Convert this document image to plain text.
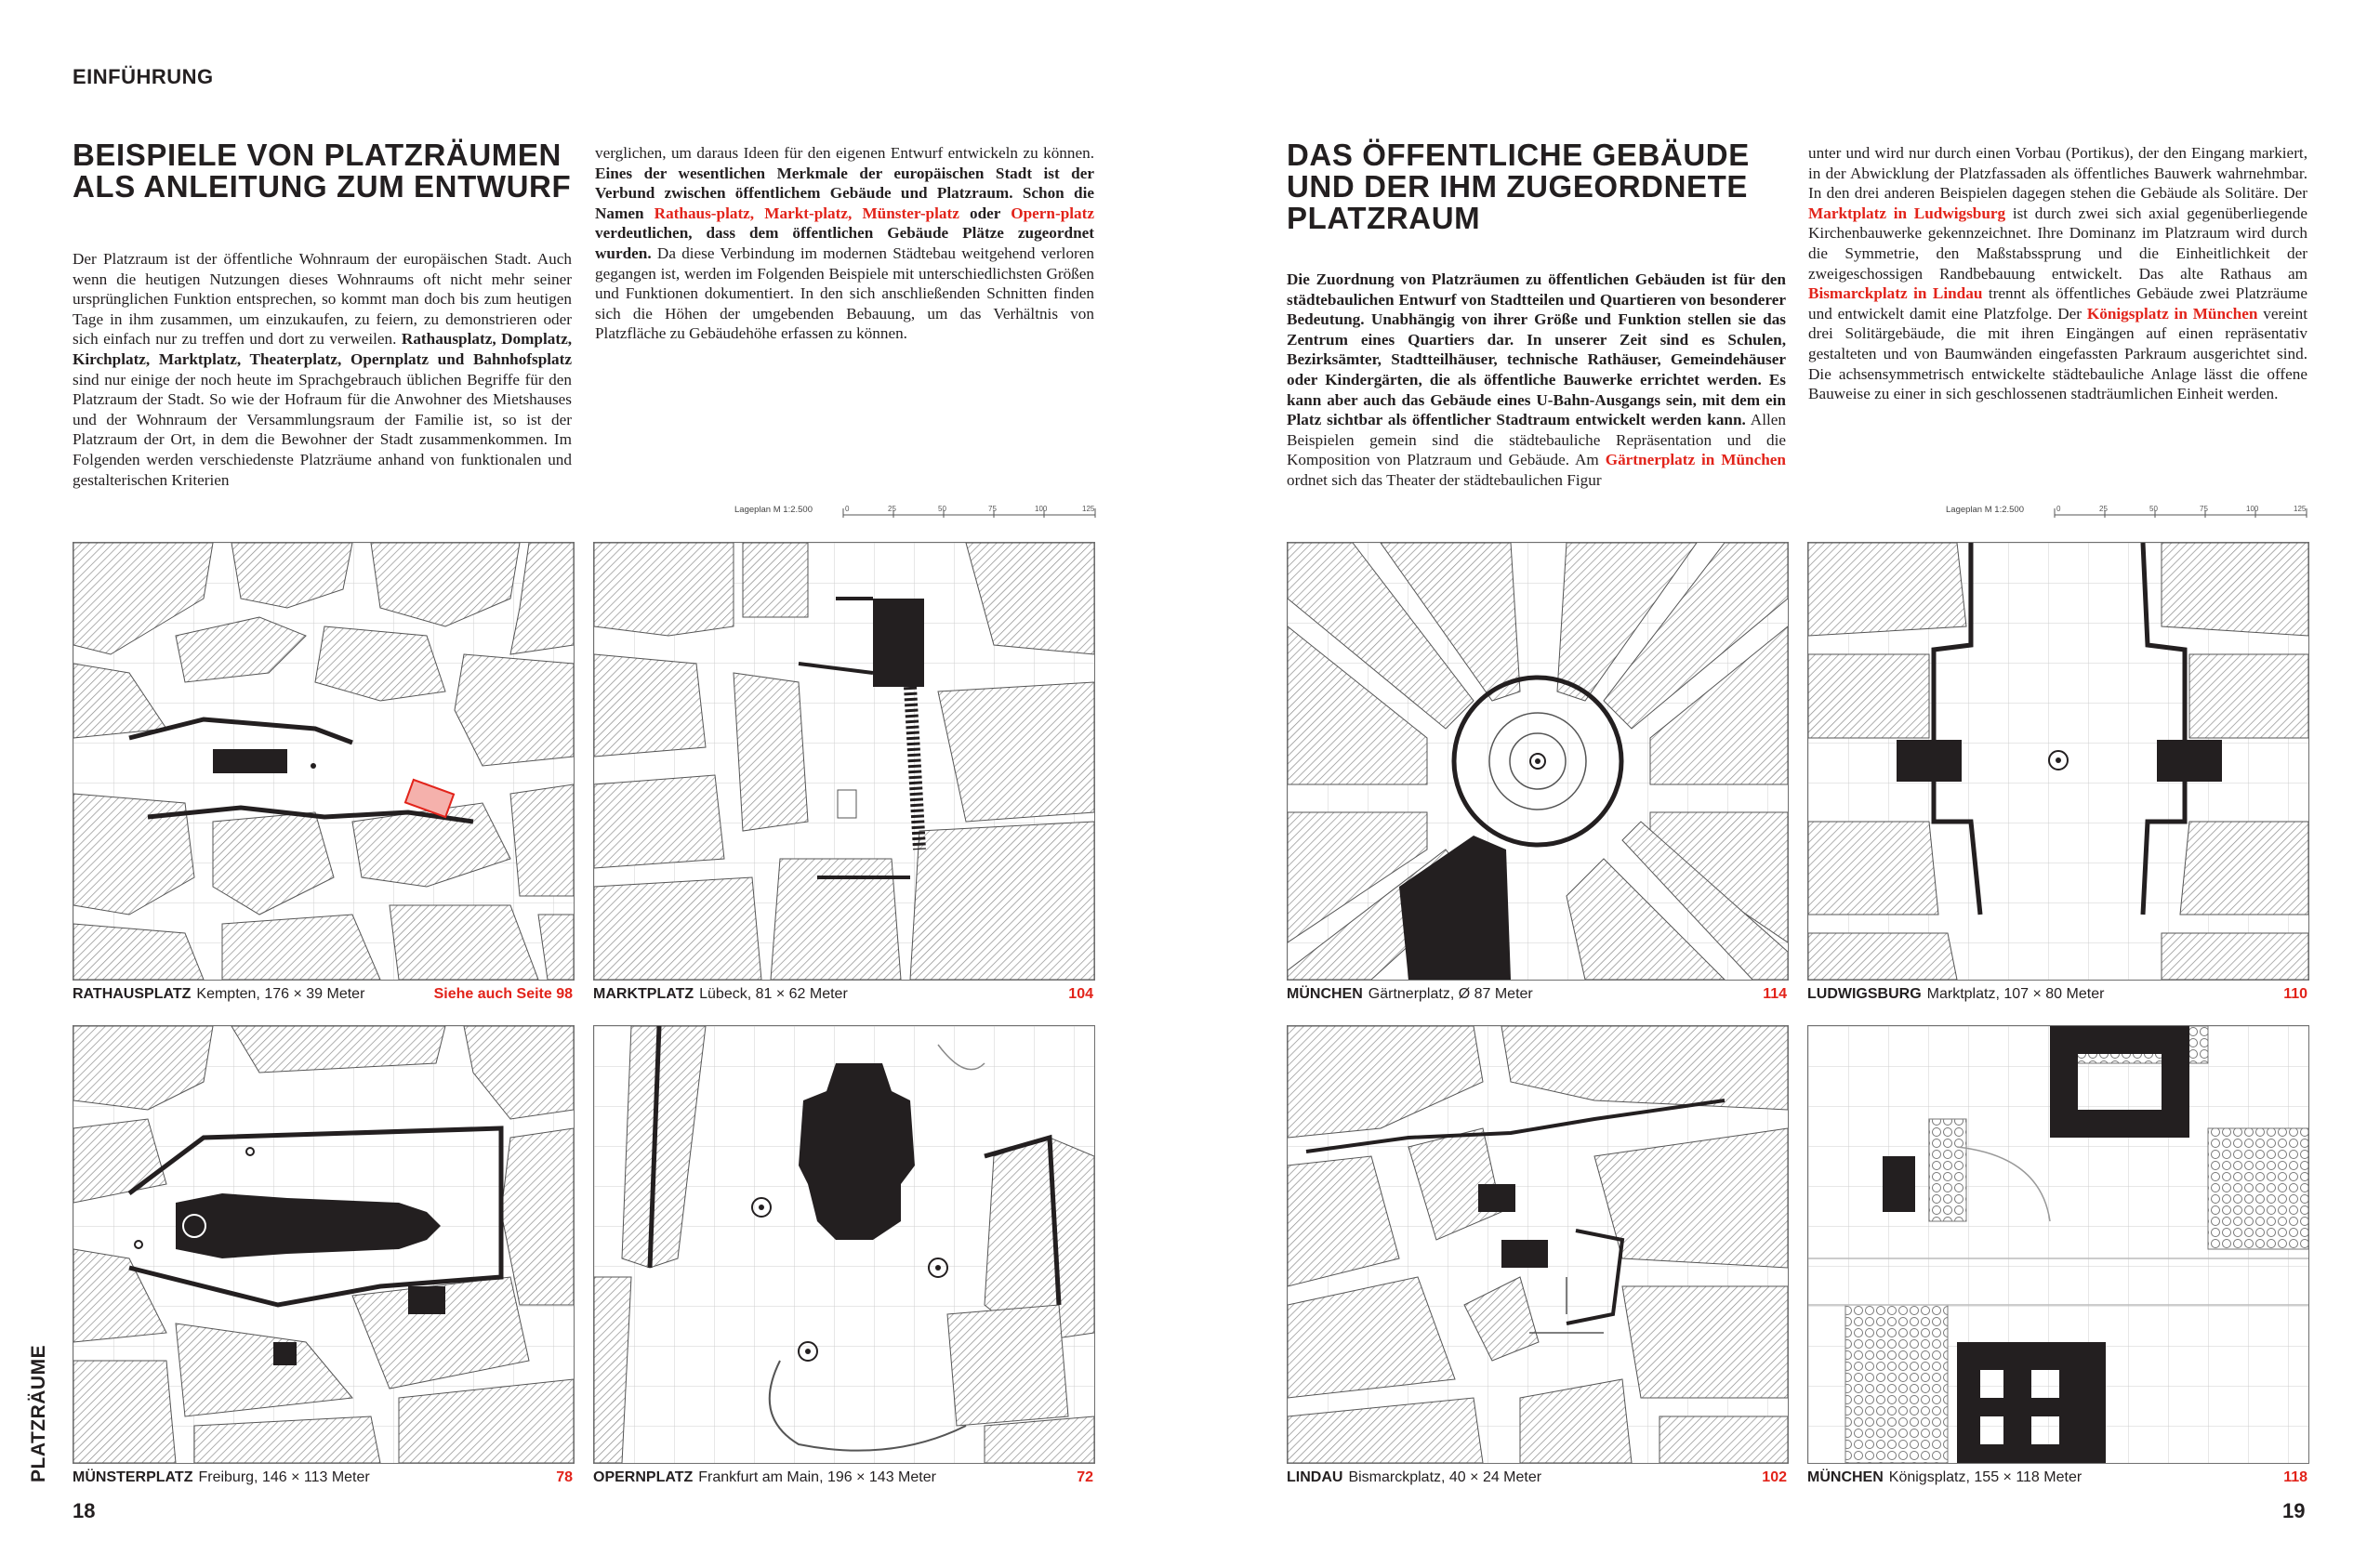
EINFÜHRUNG
BEISPIELE VON PLATZRÄUMEN
ALS ANLEITUNG ZUM ENTWURF

Der Platzraum ist der öffentliche Wohnraum der europäischen Stadt. Auch wenn die heutigen Nutzungen dieses Wohnraums oft nicht mehr seiner ursprünglichen Funktion entsprechen, so kommt man doch bis zum heutigen Tage in ihm zusammen, um einzukaufen, zu feiern, zu demonstrieren oder sich einfach nur zu treffen und dort zu verweilen. Rathausplatz, Domplatz, Kirchplatz, Marktplatz, Theaterplatz, Opernplatz und Bahnhofsplatz sind nur einige der noch heute im Sprachgebrauch üblichen Begriffe für den Platzraum der Stadt. So wie der Hofraum für die Anwohner des Mietshauses und der Wohnraum der Versammlungsraum der Familie ist, so ist der Platzraum der Ort, in dem die Bewohner der Stadt zusammenkommen. Im Folgenden werden verschiedenste Platzräume anhand von funktionalen und gestalterischen Kriterien

verglichen, um daraus Ideen für den eigenen Entwurf entwickeln zu können. Eines der wesentlichen Merkmale der europäischen Stadt ist der Verbund zwischen öffentlichem Gebäude und Platzraum. Schon die Namen Rathaus-platz, Markt-platz, Münster-platz oder Opern-platz verdeutlichen, dass dem öffentlichen Gebäude Plätze zugeordnet wurden. Da diese Verbindung im modernen Städtebau weitgehend verloren gegangen ist, werden im Folgenden Beispiele mit unterschiedlichsten Größen und Funktionen dokumentiert. In den sich anschließenden Schnitten finden sich die Höhen der umgebenden Bebauung, um das Verhältnis von Platzfläche zu Gebäudehöhe erfassen zu können.

Lageplan M 1:2.500	0	25	50	75	100	125
RATHAUSPLATZ Kempten, 176 × 39 Meter	Siehe auch Seite 98 MARKTPLATZ Lübeck, 81 × 62 Meter	104
MÜNSTERPLATZ Freiburg, 146 × 113 Meter	78 OPERNPLATZ Frankfurt am Main, 196 × 143 Meter	72
PLATZRÄUME
18
DAS ÖFFENTLICHE GEBÄUDE
UND DER IHM ZUGEORDNETE
PLATZRAUM

Die Zuordnung von Platzräumen zu öffentlichen Gebäuden ist für den städtebaulichen Entwurf von Stadtteilen und Quartieren von besonderer Bedeutung. Unabhängig von ihrer Größe und Funktion stellen sie das Zentrum eines Quartiers dar. In unserer Zeit sind es Schulen, Bezirksämter, Stadtteilhäuser, technische Rathäuser, Gemeindehäuser oder Kindergärten, die als öffentliche Bauwerke errichtet werden. Es kann aber auch das Gebäude eines U-Bahn-Ausgangs sein, mit dem ein Platz sichtbar als öffentlicher Stadtraum entwickelt werden kann. Allen Beispielen gemein sind die städtebauliche Repräsentation und die Komposition von Platzraum und Gebäude. Am Gärtnerplatz in München ordnet sich das Theater der städtebaulichen Figur

unter und wird nur durch einen Vorbau (Portikus), der den Eingang markiert, in der Abwicklung der Platzfassaden als öffentliches Bauwerk wahrnehmbar. In den drei anderen Beispielen dagegen stehen die Gebäude als Solitäre. Der Marktplatz in Ludwigsburg ist durch zwei sich axial gegenüberliegende Kirchenbauwerke gekennzeichnet. Ihre Dominanz im Platzraum wird durch die Symmetrie, den Maßstabssprung und die Einheitlichkeit der zweigeschossigen Randbebauung entwickelt. Das alte Rathaus am Bismarckplatz in Lindau trennt als öffentliches Gebäude zwei Platzräume und entwickelt damit eine Platzfolge. Der Königsplatz in München vereint drei Solitärgebäude, die mit ihren Eingängen auf einen repräsentativ gestalteten und von Baumwänden eingefassten Parkraum ausgerichtet sind. Die achsensymmetrisch entwickelte städtebauliche Anlage lässt die offene Bauweise zu einer in sich geschlossenen stadträumlichen Einheit werden.

Lageplan M 1:2.500	0	25	50	75	100	125
MÜNCHEN Gärtnerplatz, Ø 87 Meter	114 LUDWIGSBURG Marktplatz, 107 × 80 Meter	110
LINDAU Bismarckplatz, 40 × 24 Meter	102 MÜNCHEN Königsplatz, 155 × 118 Meter	118
19
